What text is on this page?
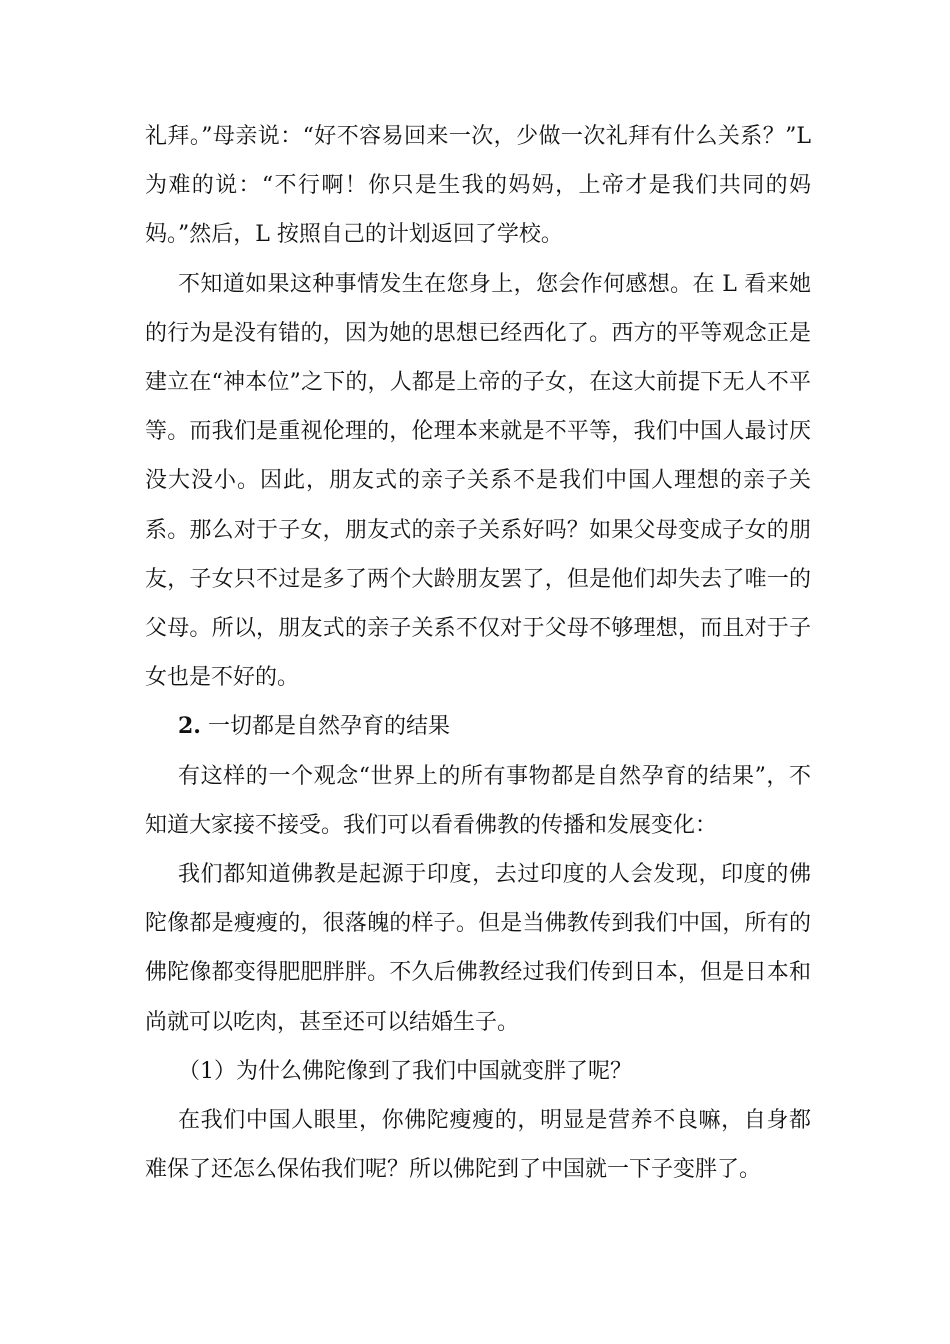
礼拜。”母亲说：“好不容易回来一次，少做一次礼拜有什么关系？”L 为难的说：“不行啊！你只是生我的妈妈，上帝才是我们共同的妈妈。”然后，L 按照自己的计划返回了学校。

不知道如果这种事情发生在您身上，您会作何感想。在 L 看来她的行为是没有错的，因为她的思想已经西化了。西方的平等观念正是建立在“神本位”之下的，人都是上帝的子女，在这大前提下无人不平等。而我们是重视伦理的，伦理本来就是不平等，我们中国人最讨厌没大没小。因此，朋友式的亲子关系不是我们中国人理想的亲子关系。那么对于子女，朋友式的亲子关系好吗？如果父母变成子女的朋友，子女只不过是多了两个大龄朋友罢了，但是他们却失去了唯一的父母。所以，朋友式的亲子关系不仅对于父母不够理想，而且对于子女也是不好的。

2. 一切都是自然孕育的结果

有这样的一个观念“世界上的所有事物都是自然孕育的结果”，不知道大家接不接受。我们可以看看佛教的传播和发展变化：

我们都知道佛教是起源于印度，去过印度的人会发现，印度的佛陀像都是瘦瘦的，很落魄的样子。但是当佛教传到我们中国，所有的佛陀像都变得肥肥胖胖。不久后佛教经过我们传到日本，但是日本和尚就可以吃肉，甚至还可以结婚生子。

（1）为什么佛陀像到了我们中国就变胖了呢？

在我们中国人眼里，你佛陀瘦瘦的，明显是营养不良嘛，自身都难保了还怎么保佑我们呢？所以佛陀到了中国就一下子变胖了。
